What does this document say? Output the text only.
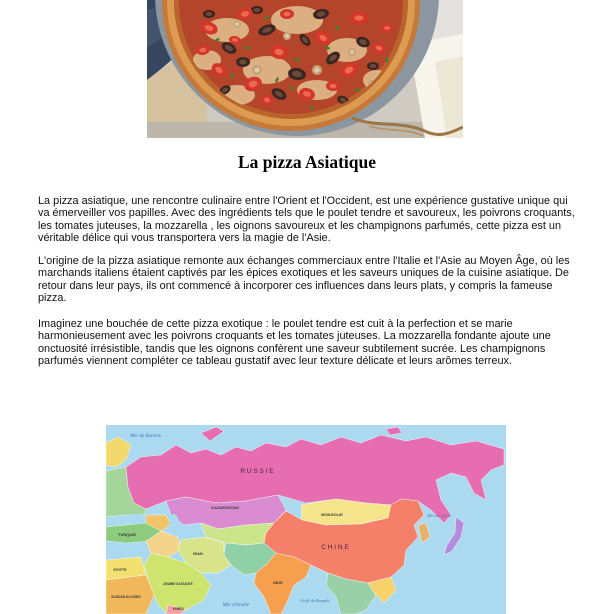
La pizza Asiatique

La pizza asiatique, une rencontre culinaire entre l'Orient et l'Occident, est une expérience gustative unique qui
va émerveiller vos papilles. Avec des ingrédients tels que le poulet tendre et savoureux, les poivrons croquants,
les tomates juteuses, la mozzarella , les oignons savoureux et les champignons parfumés, cette pizza est un
véritable délice qui vous transportera vers la magie de l'Asie.

L'origine de la pizza asiatique remonte aux échanges commerciaux entre l'Italie et l'Asie au Moyen Âge, où les
marchands italiens étaient captivés par les épices exotiques et les saveurs uniques de la cuisine asiatique. De
retour dans leur pays, ils ont commencé à incorporer ces influences dans leurs plats, y compris la fameuse
pizza.

Imaginez une bouchée de cette pizza exotique : le poulet tendre est cuit à la perfection et se marie
harmonieusement avec les poivrons croquants et les tomates juteuses. La mozzarella fondante ajoute une
onctuosité irrésistible, tandis que les oignons confèrent une saveur subtilement sucrée. Les champignons
parfumés viennent compléter ce tableau gustatif avec leur texture délicate et leurs arômes terreux.

Mer de Barents
R U S S I E
KAZAKHSTAN
MONGOLIE
C H I N E
TURQUIE
IRAN
INDE
Mer d'Arabie
Golfe du Bengale
Mer du Japon
EGYPTE
ARABIE SAOUDITE
SOUDAN DU NORD
YEMEN
